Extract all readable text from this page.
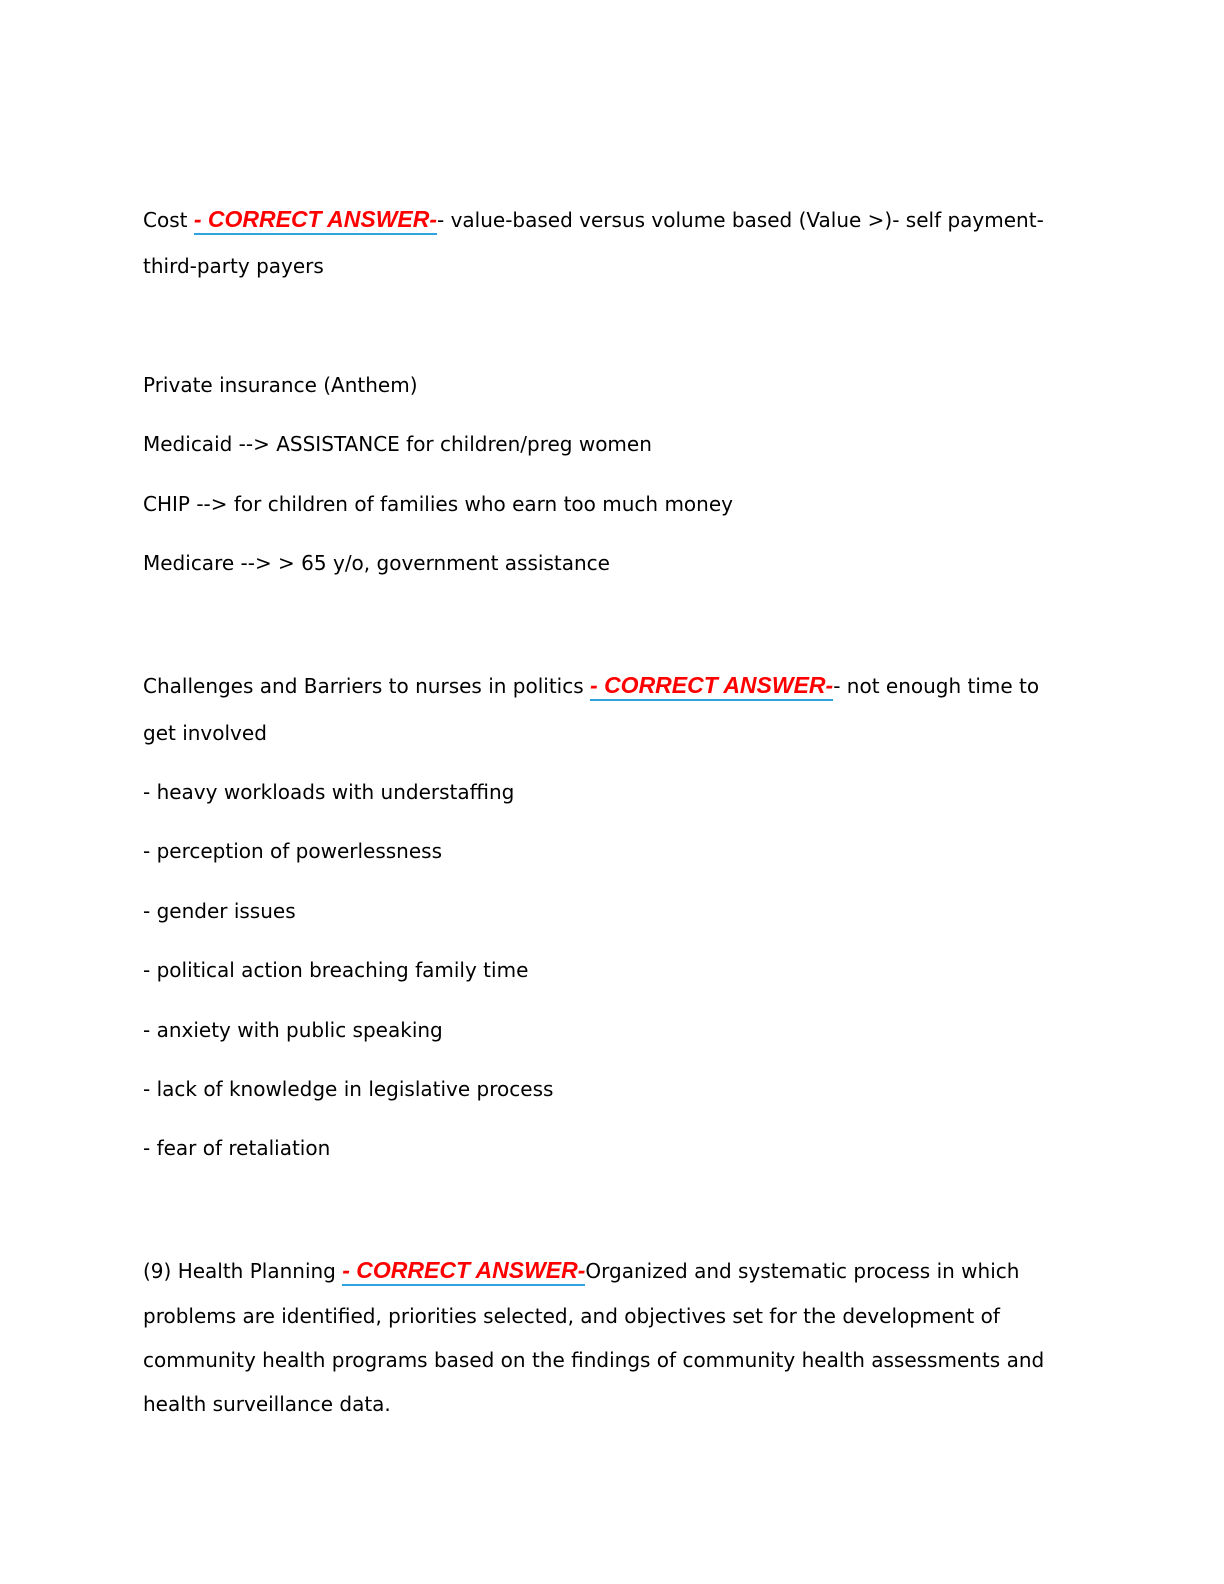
Cost - CORRECT ANSWER-- value-based versus volume based (Value >)- self payment-
third-party payers
Private insurance (Anthem)
Medicaid --> ASSISTANCE for children/preg women
CHIP --> for children of families who earn too much money
Medicare --> > 65 y/o, government assistance
Challenges and Barriers to nurses in politics - CORRECT ANSWER-- not enough time to
get involved
- heavy workloads with understaffing
- perception of powerlessness
- gender issues
- political action breaching family time
- anxiety with public speaking
- lack of knowledge in legislative process
- fear of retaliation
(9) Health Planning - CORRECT ANSWER-Organized and systematic process in which
problems are identified, priorities selected, and objectives set for the development of
community health programs based on the findings of community health assessments and
health surveillance data.
